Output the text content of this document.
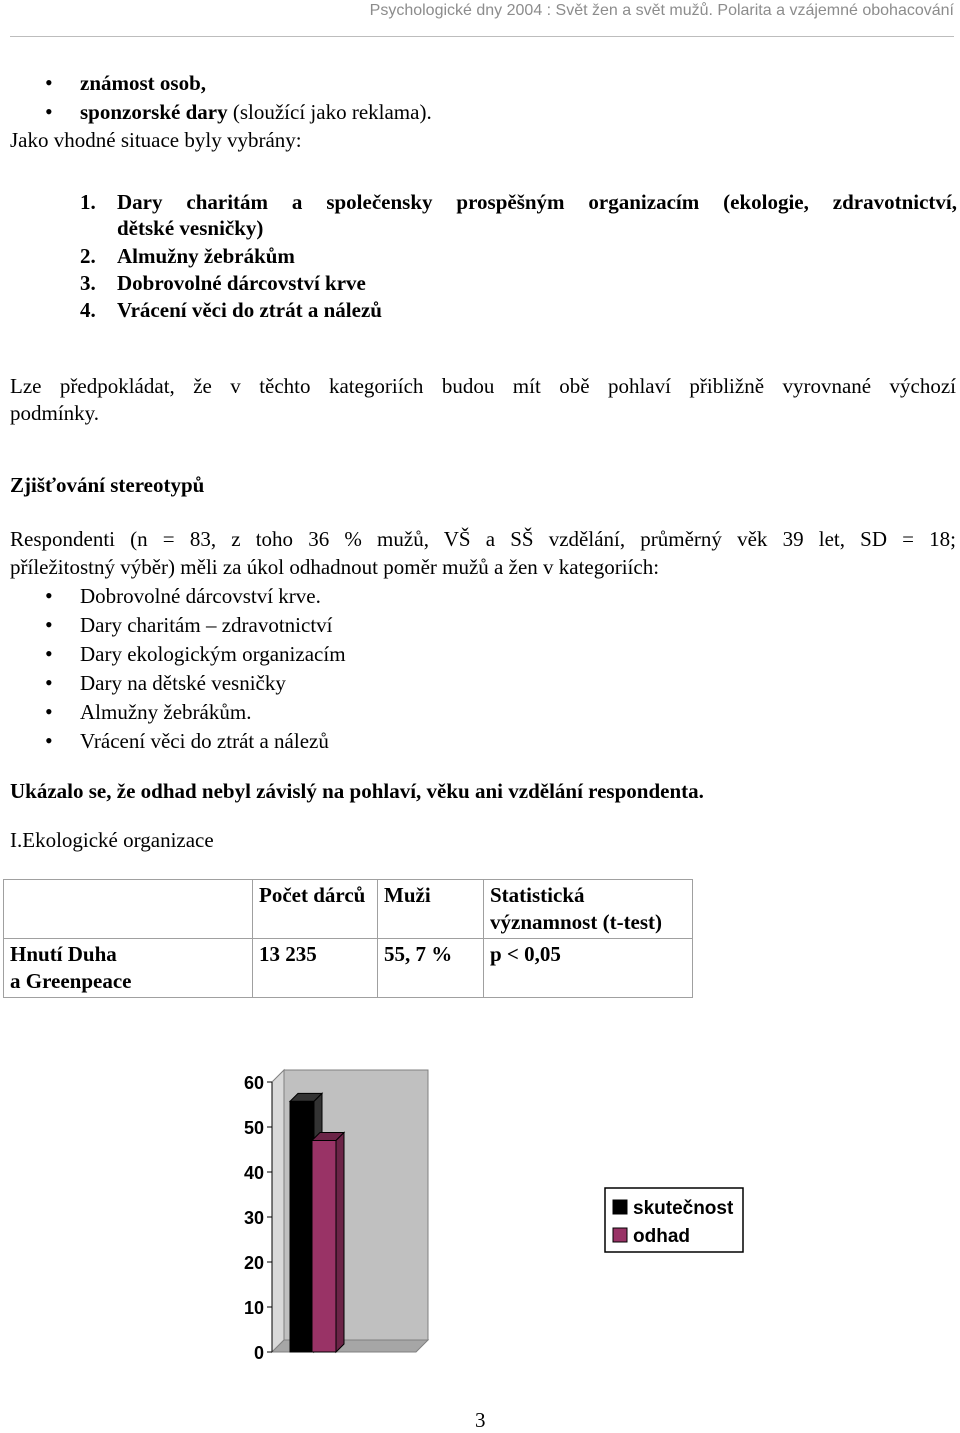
Psychologické dny 2004 : Svět žen a svět mužů. Polarita a vzájemné obohacování
• známost osob,
• sponzorské dary (sloužící jako reklama).
Jako vhodné situace byly vybrány:
1. Dary charitám a společensky prospěšným organizacím (ekologie, zdravotnictví,
dětské vesničky)
2. Almužny žebrákům
3. Dobrovolné dárcovství krve
4. Vrácení věci do ztrát a nálezů
Lze předpokládat, že v těchto kategoriích budou mít obě pohlaví přibližně vyrovnané výchozí
podmínky.
Zjišťování stereotypů
Respondenti (n = 83, z toho 36 % mužů, VŠ a SŠ vzdělání, průměrný věk 39 let, SD = 18;
příležitostný výběr) měli za úkol odhadnout poměr mužů a žen v kategoriích:
• Dobrovolné dárcovství krve.
• Dary charitám – zdravotnictví
• Dary ekologickým organizacím
• Dary na dětské vesničky
• Almužny žebrákům.
• Vrácení věci do ztrát a nálezů
Ukázalo se, že odhad nebyl závislý na pohlaví, věku ani vzdělání respondenta.
I.Ekologické organizace
	Počet dárců	Muži	Statistická významnost (t-test)
Hnutí Duha
a Greenpeace	13 235	55, 7 %	p < 0,05
0
10
20
30
40
50
60
skutečnost
odhad
3
